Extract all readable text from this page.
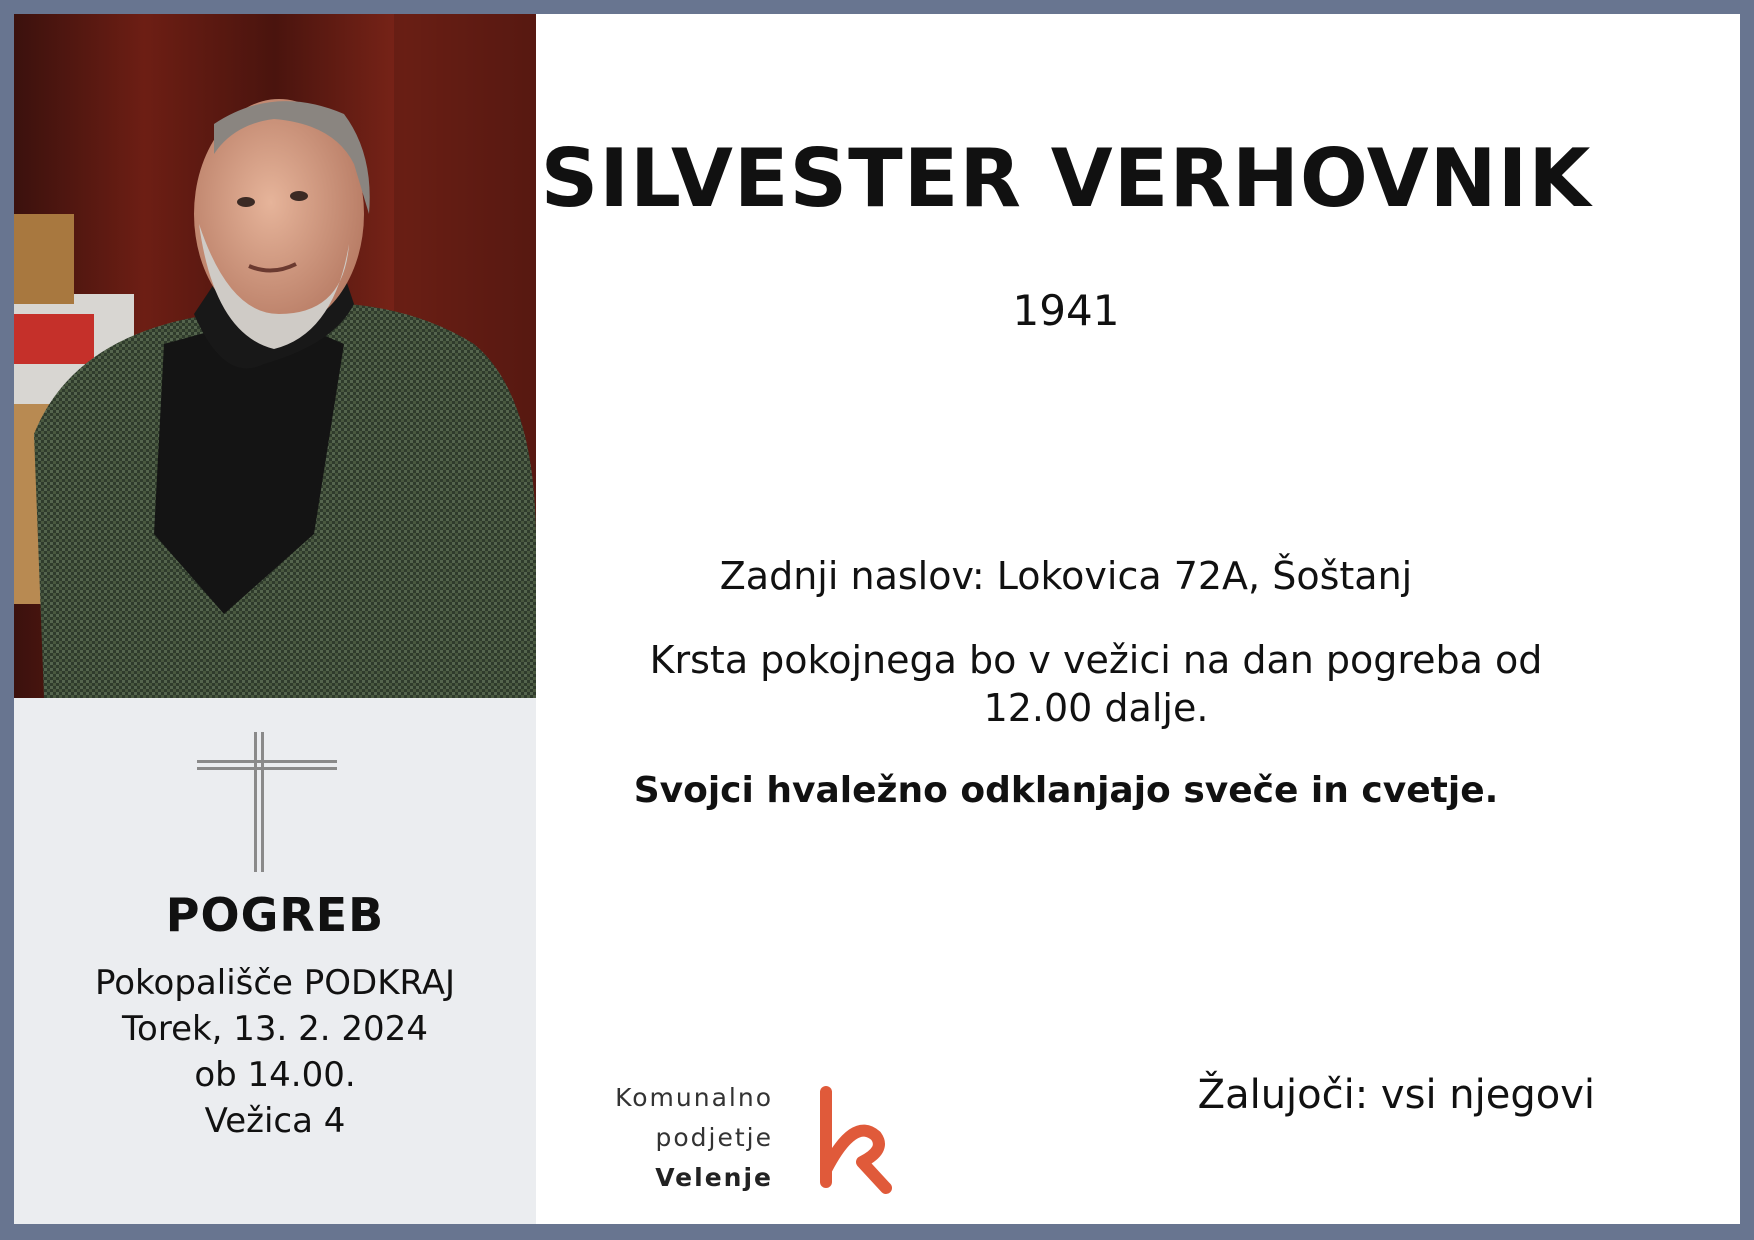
POGREB
Pokopališče PODKRAJ
Torek, 13. 2. 2024
ob 14.00.
Vežica 4
SILVESTER VERHOVNIK
1941
Zadnji naslov: Lokovica 72A, Šoštanj
Krsta pokojnega bo v vežici na dan pogreba od 12.00 dalje.
Svojci hvaležno odklanjajo sveče in cvetje.
Žalujoči: vsi njegovi
Komunalno
podjetje
Velenje
